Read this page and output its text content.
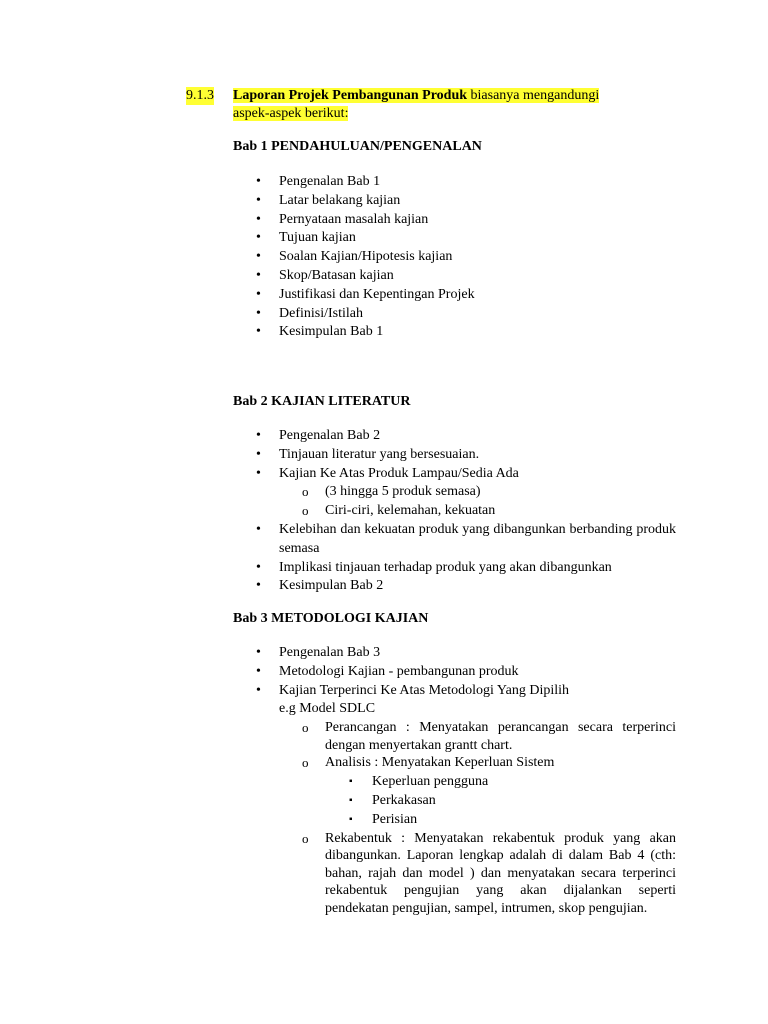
9.1.3 Laporan Projek Pembangunan Produk biasanya mengandungi
aspek-aspek berikut:

Bab 1 PENDAHULUAN/PENGENALAN

• Pengenalan Bab 1
• Latar belakang kajian
• Pernyataan masalah kajian
• Tujuan kajian
• Soalan Kajian/Hipotesis kajian
• Skop/Batasan kajian
• Justifikasi dan Kepentingan Projek
• Definisi/Istilah
• Kesimpulan Bab 1

Bab 2 KAJIAN LITERATUR

• Pengenalan Bab 2
• Tinjauan literatur yang bersesuaian.
• Kajian Ke Atas Produk Lampau/Sedia Ada
o (3 hingga 5 produk semasa)
o Ciri-ciri, kelemahan, kekuatan
• Kelebihan dan kekuatan produk yang dibangunkan berbanding produk semasa
• Implikasi tinjauan terhadap produk yang akan dibangunkan
• Kesimpulan Bab 2

Bab 3 METODOLOGI KAJIAN

• Pengenalan Bab 3
• Metodologi Kajian - pembangunan produk
• Kajian Terperinci Ke Atas Metodologi Yang Dipilih
e.g Model SDLC
o Perancangan : Menyatakan perancangan secara terperinci dengan menyertakan grantt chart.
o Analisis : Menyatakan Keperluan Sistem
▪ Keperluan pengguna
▪ Perkakasan
▪ Perisian
o Rekabentuk : Menyatakan rekabentuk produk yang akan dibangunkan. Laporan lengkap adalah di dalam Bab 4 (cth: bahan, rajah dan model ) dan menyatakan secara terperinci rekabentuk pengujian yang akan dijalankan seperti pendekatan pengujian, sampel, intrumen, skop pengujian.
